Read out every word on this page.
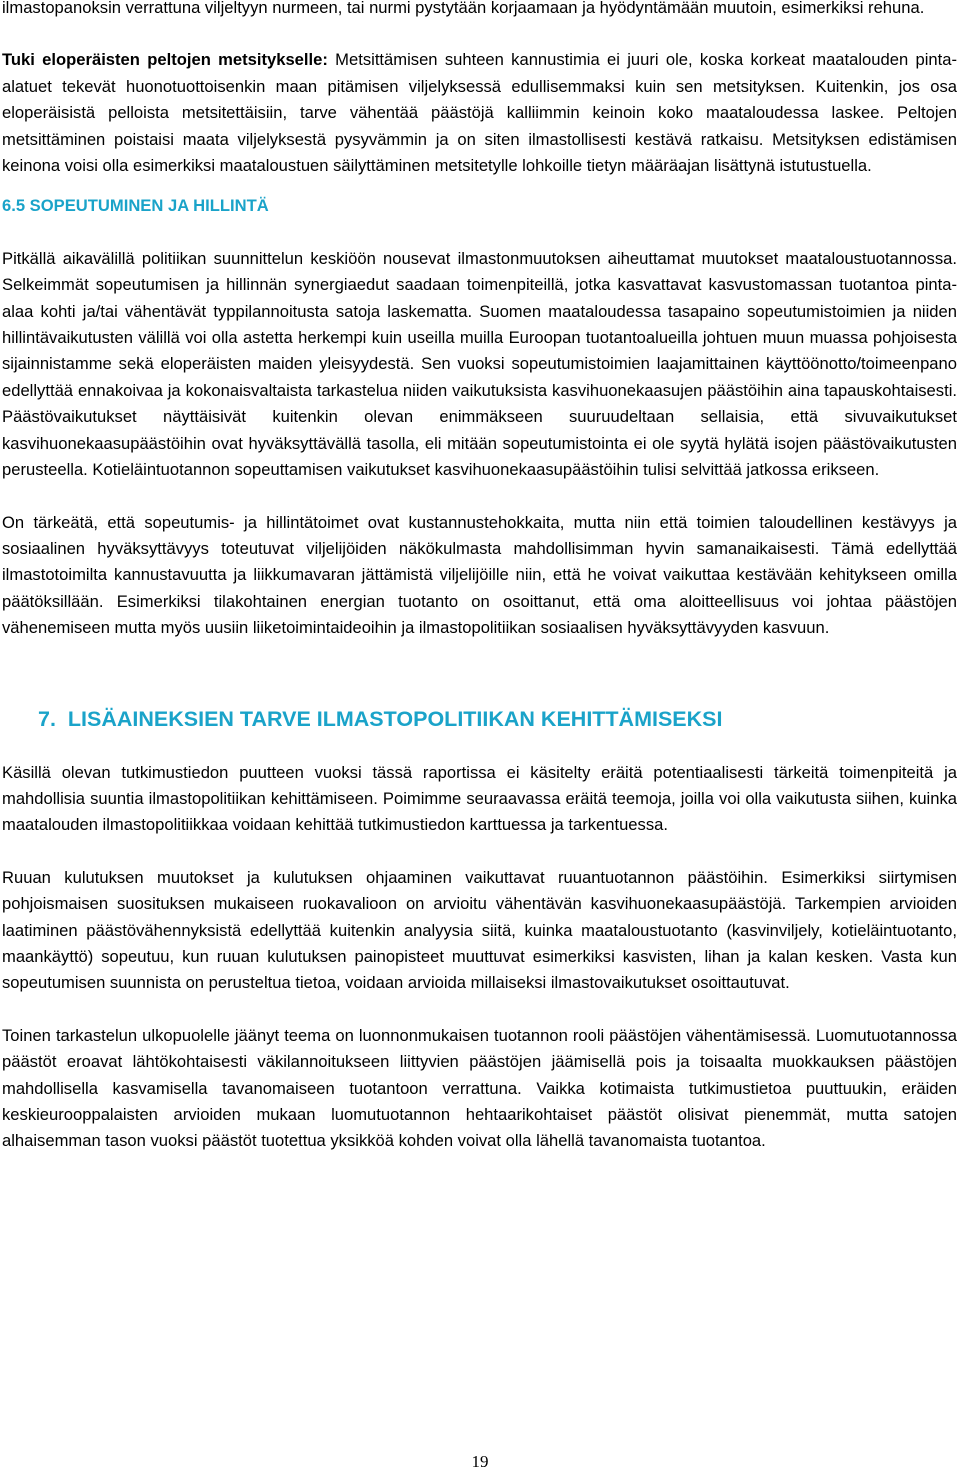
ilmastopanoksin verrattuna viljeltyyn nurmeen, tai nurmi pystytään korjaamaan ja hyödyntämään muutoin, esimerkiksi rehuna.

Tuki eloperäisten peltojen metsitykselle: Metsittämisen suhteen kannustimia ei juuri ole, koska korkeat maatalouden pinta-alatuet tekevät huonotuottoisenkin maan pitämisen viljelyksessä edullisemmaksi kuin sen metsityksen. Kuitenkin, jos osa eloperäisistä pelloista metsitettäisiin, tarve vähentää päästöjä kalliimmin keinoin koko maataloudessa laskee. Peltojen metsittäminen poistaisi maata viljelyksestä pysyvämmin ja on siten ilmastollisesti kestävä ratkaisu. Metsityksen edistämisen keinona voisi olla esimerkiksi maataloustuen säilyttäminen metsitetylle lohkoille tietyn määräajan lisättynä istutustuella.

6.5 SOPEUTUMINEN JA HILLINTÄ

Pitkällä aikavälillä politiikan suunnittelun keskiöön nousevat ilmastonmuutoksen aiheuttamat muutokset maataloustuotannossa. Selkeimmät sopeutumisen ja hillinnän synergiaedut saadaan toimenpiteillä, jotka kasvattavat kasvustomassan tuotantoa pinta-alaa kohti ja/tai vähentävät typpilannoitusta satoja laskematta. Suomen maataloudessa tasapaino sopeutumistoimien ja niiden hillintävaikutusten välillä voi olla astetta herkempi kuin useilla muilla Euroopan tuotantoalueilla johtuen muun muassa pohjoisesta sijainnistamme sekä eloperäisten maiden yleisyydestä. Sen vuoksi sopeutumistoimien laajamittainen käyttöönotto/toimeenpano edellyttää ennakoivaa ja kokonaisvaltaista tarkastelua niiden vaikutuksista kasvihuonekaasujen päästöihin aina tapauskohtaisesti. Päästövaikutukset näyttäisivät kuitenkin olevan enimmäkseen suuruudeltaan sellaisia, että sivuvaikutukset kasvihuonekaasupäästöihin ovat hyväksyttävällä tasolla, eli mitään sopeutumistointa ei ole syytä hylätä isojen päästövaikutusten perusteella. Kotieläintuotannon sopeuttamisen vaikutukset kasvihuonekaasupäästöihin tulisi selvittää jatkossa erikseen.

On tärkeätä, että sopeutumis- ja hillintätoimet ovat kustannustehokkaita, mutta niin että toimien taloudellinen kestävyys ja sosiaalinen hyväksyttävyys toteutuvat viljelijöiden näkökulmasta mahdollisimman hyvin samanaikaisesti. Tämä edellyttää ilmastotoimilta kannustavuutta ja liikkumavaran jättämistä viljelijöille niin, että he voivat vaikuttaa kestävään kehitykseen omilla päätöksillään. Esimerkiksi tilakohtainen energian tuotanto on osoittanut, että oma aloitteellisuus voi johtaa päästöjen vähenemiseen mutta myös uusiin liiketoimintaideoihin ja ilmastopolitiikan sosiaalisen hyväksyttävyyden kasvuun.

7. LISÄAINEKSIEN TARVE ILMASTOPOLITIIKAN KEHITTÄMISEKSI

Käsillä olevan tutkimustiedon puutteen vuoksi tässä raportissa ei käsitelty eräitä potentiaalisesti tärkeitä toimenpiteitä ja mahdollisia suuntia ilmastopolitiikan kehittämiseen. Poimimme seuraavassa eräitä teemoja, joilla voi olla vaikutusta siihen, kuinka maatalouden ilmastopolitiikkaa voidaan kehittää tutkimustiedon karttuessa ja tarkentuessa.

Ruuan kulutuksen muutokset ja kulutuksen ohjaaminen vaikuttavat ruuantuotannon päästöihin. Esimerkiksi siirtymisen pohjoismaisen suosituksen mukaiseen ruokavalioon on arvioitu vähentävän kasvihuonekaasupäästöjä. Tarkempien arvioiden laatiminen päästövähennyksistä edellyttää kuitenkin analyysia siitä, kuinka maataloustuotanto (kasvinviljely, kotieläintuotanto, maankäyttö) sopeutuu, kun ruuan kulutuksen painopisteet muuttuvat esimerkiksi kasvisten, lihan ja kalan kesken. Vasta kun sopeutumisen suunnista on perusteltua tietoa, voidaan arvioida millaiseksi ilmastovaikutukset osoittautuvat.

Toinen tarkastelun ulkopuolelle jäänyt teema on luonnonmukaisen tuotannon rooli päästöjen vähentämisessä. Luomutuotannossa päästöt eroavat lähtökohtaisesti väkilannoitukseen liittyvien päästöjen jäämisellä pois ja toisaalta muokkauksen päästöjen mahdollisella kasvamisella tavanomaiseen tuotantoon verrattuna. Vaikka kotimaista tutkimustietoa puuttuukin, eräiden keskieurooppalaisten arvioiden mukaan luomutuotannon hehtaarikohtaiset päästöt olisivat pienemmät, mutta satojen alhaisemman tason vuoksi päästöt tuotettua yksikköä kohden voivat olla lähellä tavanomaista tuotantoa.

19
